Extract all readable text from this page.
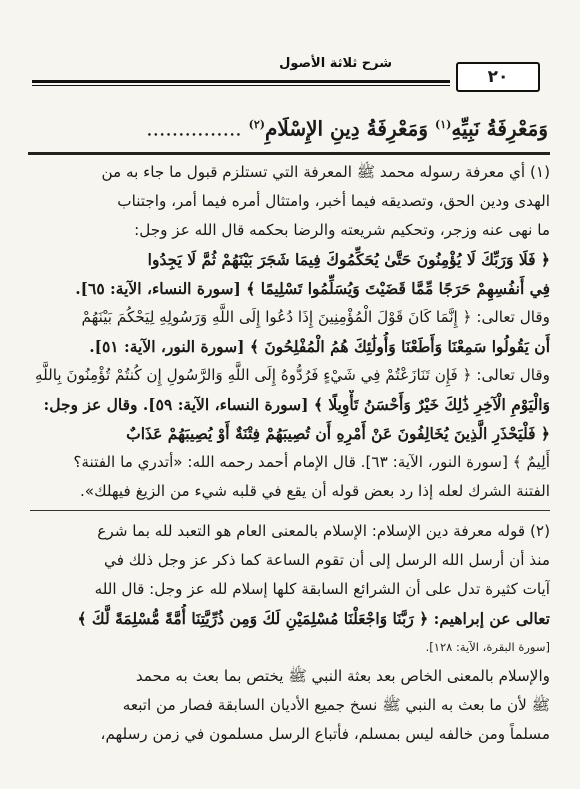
شرح ثلاثة الأصول
٢٠
وَمَعْرِفَةُ نَبِيِّهِ$^{(١)}$ وَمَعْرِفَةُ دِينِ الإِسْلَامِ$^{(٢)}$ ...............
(١) أي معرفة رسوله محمد ﷺ المعرفة التي تستلزم قبول ما جاء به من
الهدى ودين الحق، وتصديقه فيما أخبر، وامتثال أمره فيما أمر، واجتناب
ما نهى عنه وزجر، وتحكيم شريعته والرضا بحكمه قال الله عز وجل:
﴿ فَلَا وَرَبِّكَ لَا يُؤْمِنُونَ حَتَّىٰ يُحَكِّمُوكَ فِيمَا شَجَرَ بَيْنَهُمْ ثُمَّ لَا يَجِدُوا
فِي أَنفُسِهِمْ حَرَجًا مِّمَّا قَضَيْتَ وَيُسَلِّمُوا تَسْلِيمًا ﴾ [سورة النساء، الآية: ٦٥].
وقال تعالى: ﴿ إِنَّمَا كَانَ قَوْلَ الْمُؤْمِنِينَ إِذَا دُعُوا إِلَى اللَّهِ وَرَسُولِهِ لِيَحْكُمَ بَيْنَهُمْ
أَن يَقُولُوا سَمِعْنَا وَأَطَعْنَا وَأُولَٰئِكَ هُمُ الْمُفْلِحُونَ ﴾ [سورة النور، الآية: ٥١].
وقال تعالى: ﴿ فَإِن تَنَازَعْتُمْ فِي شَيْءٍ فَرُدُّوهُ إِلَى اللَّهِ وَالرَّسُولِ إِن كُنتُمْ تُؤْمِنُونَ بِاللَّهِ
وَالْيَوْمِ الْآخِرِ ذَٰلِكَ خَيْرٌ وَأَحْسَنُ تَأْوِيلًا ﴾ [سورة النساء، الآية: ٥٩]. وقال عز وجل:
﴿ فَلْيَحْذَرِ الَّذِينَ يُخَالِفُونَ عَنْ أَمْرِهِ أَن تُصِيبَهُمْ فِتْنَةٌ أَوْ يُصِيبَهُمْ عَذَابٌ
أَلِيمٌ ﴾ [سورة النور، الآية: ٦٣]. قال الإمام أحمد رحمه الله: «أتدري ما الفتنة؟
الفتنة الشرك لعله إذا رد بعض قوله أن يقع في قلبه شيء من الزيغ فيهلك».
(٢) قوله معرفة دين الإسلام: الإسلام بالمعنى العام هو التعبد لله بما شرع
منذ أن أرسل الله الرسل إلى أن تقوم الساعة كما ذكر عز وجل ذلك في
آيات كثيرة تدل على أن الشرائع السابقة كلها إسلام لله عز وجل: قال الله
تعالى عن إبراهيم: ﴿ رَبَّنَا وَاجْعَلْنَا مُسْلِمَيْنِ لَكَ وَمِن ذُرِّيَّتِنَا أُمَّةً مُّسْلِمَةً لَّكَ ﴾
[سورة البقرة، الآية: ١٢٨].
والإسلام بالمعنى الخاص بعد بعثة النبي ﷺ يختص بما بعث به محمد
ﷺ لأن ما بعث به النبي ﷺ نسخ جميع الأديان السابقة فصار من اتبعه
مسلماً ومن خالفه ليس بمسلم، فأتباع الرسل مسلمون في زمن رسلهم،
